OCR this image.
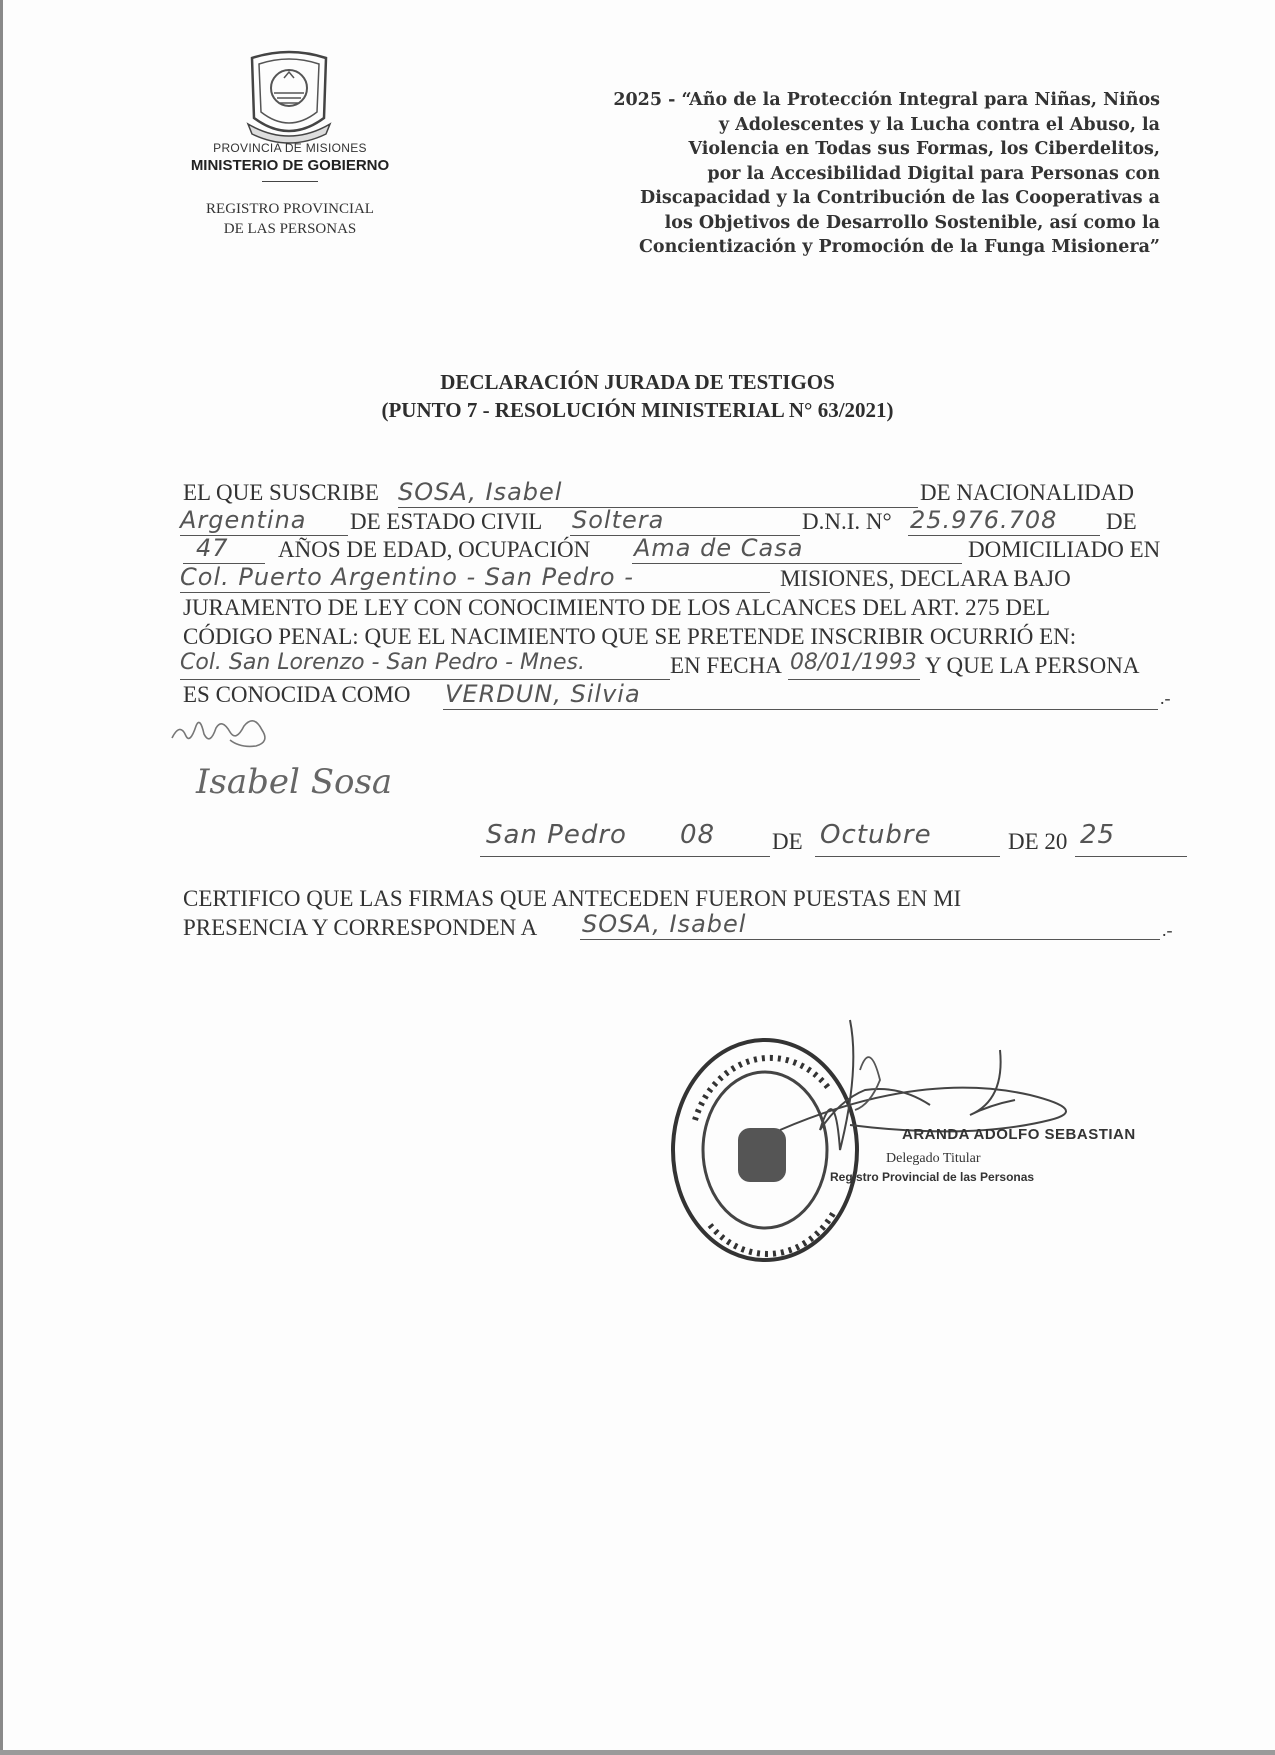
PROVINCIA DE MISIONES
MINISTERIO DE GOBIERNO
REGISTRO PROVINCIAL
DE LAS PERSONAS
2025 - “Año de la Protección Integral para Niñas, Niños
y Adolescentes y la Lucha contra el Abuso, la
Violencia en Todas sus Formas, los Ciberdelitos,
por la Accesibilidad Digital para Personas con
Discapacidad y la Contribución de las Cooperativas a
los Objetivos de Desarrollo Sostenible, así como la
Concientización y Promoción de la Funga Misionera”
DECLARACIÓN JURADA DE TESTIGOS
(PUNTO 7 - RESOLUCIÓN MINISTERIAL N° 63/2021)
EL QUE SUSCRIBE SOSA, Isabel	DE NACIONALIDAD
Argentina DE ESTADO CIVIL Soltera	D.N.I. N° 25.976.708 DE
47 AÑOS DE EDAD, OCUPACIÓN Ama de Casa	DOMICILIADO EN
Col. Puerto Argentino - San Pedro -	MISIONES, DECLARA BAJO
JURAMENTO DE LEY CON CONOCIMIENTO DE LOS ALCANCES DEL ART. 275 DEL
CÓDIGO PENAL: QUE EL NACIMIENTO QUE SE PRETENDE INSCRIBIR OCURRIÓ EN:
Col. San Lorenzo - San Pedro - Mnes.	EN FECHA 08/01/1993 Y QUE LA PERSONA
ES CONOCIDA COMO VERDUN, Silvia	.-
Isabel Sosa
San Pedro 08 DE Octubre	DE 20 25
CERTIFICO QUE LAS FIRMAS QUE ANTECEDEN FUERON PUESTAS EN MI
PRESENCIA Y CORRESPONDEN A SOSA, Isabel	.-
ARANDA ADOLFO SEBASTIAN
Delegado Titular
Registro Provincial de las Personas
